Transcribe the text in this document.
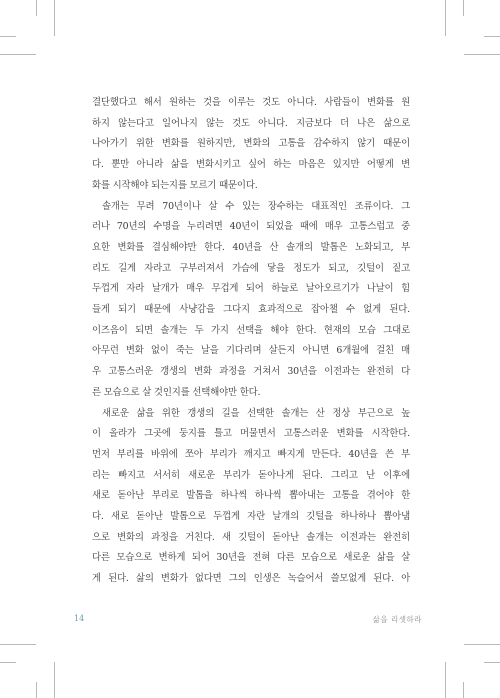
결단했다고 해서 원하는 것을 이루는 것도 아니다. 사람들이 변화를 원
하지 않는다고 일어나지 않는 것도 아니다. 지금보다 더 나은 삶으로
나아가기 위한 변화를 원하지만, 변화의 고통을 감수하지 않기 때문이
다. 뿐만 아니라 삶을 변화시키고 싶어 하는 마음은 있지만 어떻게 변
화를 시작해야 되는지를 모르기 때문이다.
솔개는 무려 70년이나 살 수 있는 장수하는 대표적인 조류이다. 그
러나 70년의 수명을 누리려면 40년이 되었을 때에 매우 고통스럽고 중
요한 변화를 결심해야만 한다. 40년을 산 솔개의 발톱은 노화되고, 부
리도 길게 자라고 구부러져서 가슴에 닿을 정도가 되고, 깃털이 짙고
두껍게 자라 날개가 매우 무겁게 되어 하늘로 날아오르기가 나날이 힘
들게 되기 때문에 사냥감을 그다지 효과적으로 잡아챌 수 없게 된다.
이즈음이 되면 솔개는 두 가지 선택을 해야 한다. 현재의 모습 그대로
아무런 변화 없이 죽는 날을 기다리며 살든지 아니면 6개월에 걸친 매
우 고통스러운 갱생의 변화 과정을 거쳐서 30년을 이전과는 완전히 다
른 모습으로 살 것인지를 선택해야만 한다.
새로운 삶을 위한 갱생의 길을 선택한 솔개는 산 정상 부근으로 높
이 올라가 그곳에 둥지를 틀고 머물면서 고통스러운 변화를 시작한다.
먼저 부리를 바위에 쪼아 부리가 깨지고 빠지게 만든다. 40년을 쓴 부
리는 빠지고 서서히 새로운 부리가 돋아나게 된다. 그리고 난 이후에
새로 돋아난 부리로 발톱을 하나씩 하나씩 뽑아내는 고통을 겪어야 한
다. 새로 돋아난 발톱으로 두껍게 자란 날개의 깃털을 하나하나 뽑아냄
으로 변화의 과정을 거친다. 새 깃털이 돋아난 솔개는 이전과는 완전히
다른 모습으로 변하게 되어 30년을 전혀 다른 모습으로 새로운 삶을 살
게 된다. 삶의 변화가 없다면 그의 인생은 녹슬어서 쓸모없게 된다. 아
14	삶을 리셋하라
